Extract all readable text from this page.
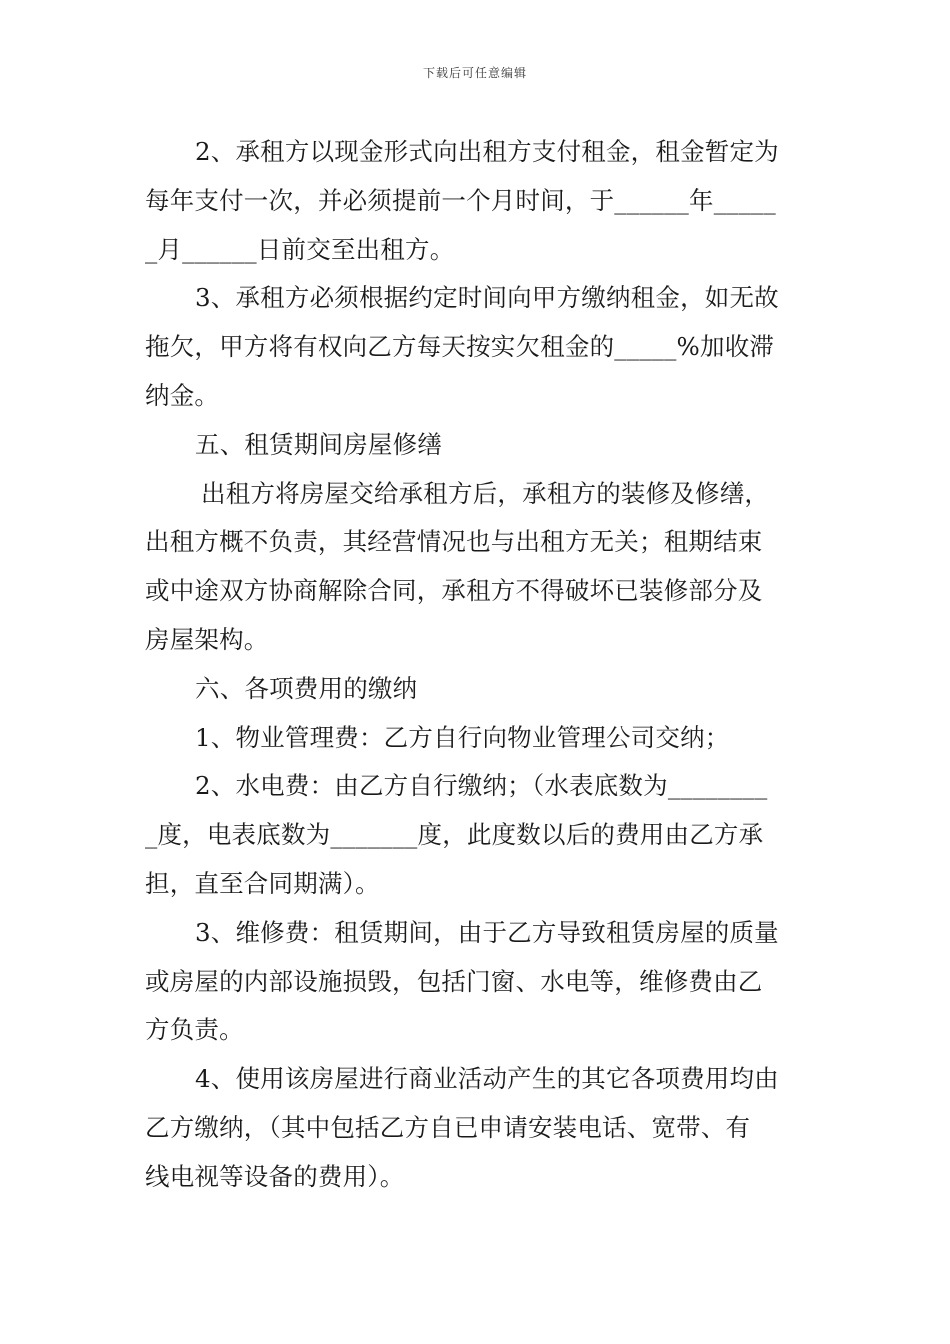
下载后可任意编辑
2、承租方以现金形式向出租方支付租金，租金暂定为
每年支付一次，并必须提前一个月时间，于______年_____
_月______日前交至出租方。
3、承租方必须根据约定时间向甲方缴纳租金，如无故
拖欠，甲方将有权向乙方每天按实欠租金的_____%加收滞
纳金。
五、租赁期间房屋修缮
出租方将房屋交给承租方后，承租方的装修及修缮，
出租方概不负责，其经营情况也与出租方无关；租期结束
或中途双方协商解除合同，承租方不得破坏已装修部分及
房屋架构。
六、各项费用的缴纳
1、物业管理费：乙方自行向物业管理公司交纳；
2、水电费：由乙方自行缴纳；（水表底数为________
_度，电表底数为_______度，此度数以后的费用由乙方承
担，直至合同期满）。
3、维修费：租赁期间，由于乙方导致租赁房屋的质量
或房屋的内部设施损毁，包括门窗、水电等，维修费由乙
方负责。
4、使用该房屋进行商业活动产生的其它各项费用均由
乙方缴纳，（其中包括乙方自已申请安装电话、宽带、有
线电视等设备的费用）。
